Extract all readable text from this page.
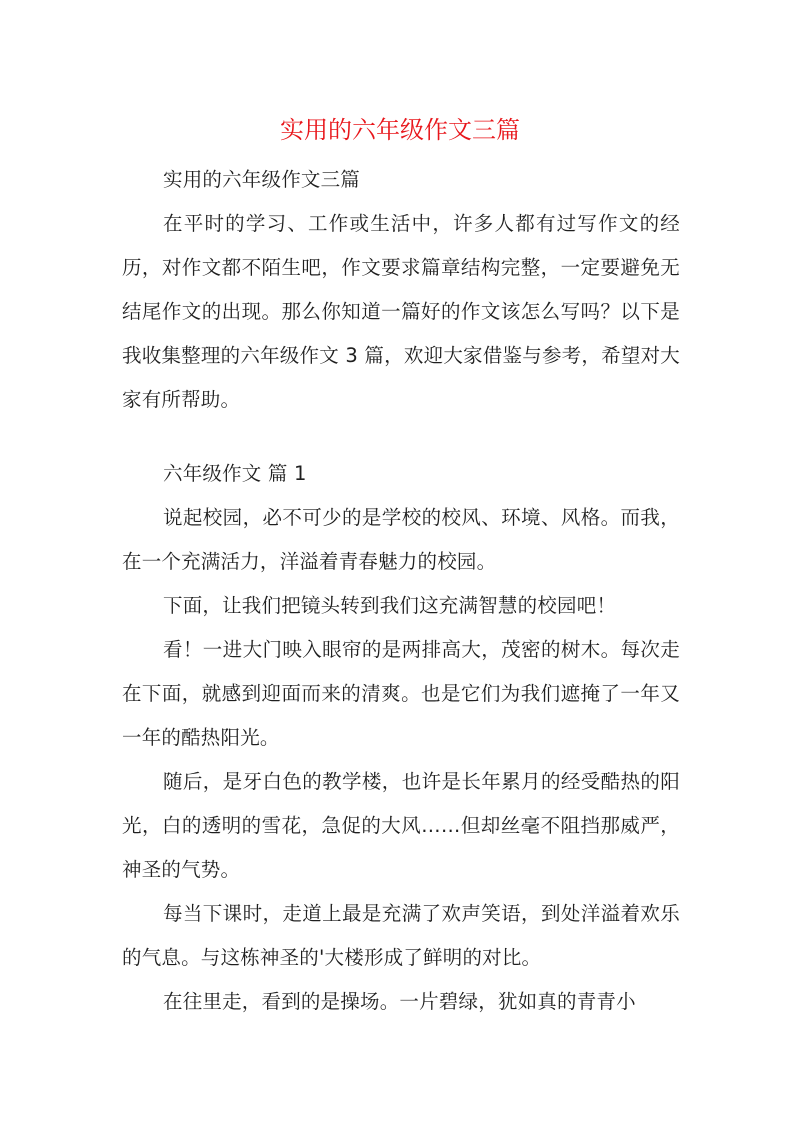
实用的六年级作文三篇

实用的六年级作文三篇

在平时的学习、工作或生活中，许多人都有过写作文的经历，对作文都不陌生吧，作文要求篇章结构完整，一定要避免无结尾作文的出现。那么你知道一篇好的作文该怎么写吗？以下是我收集整理的六年级作文 3 篇，欢迎大家借鉴与参考，希望对大家有所帮助。

六年级作文 篇 1

说起校园，必不可少的是学校的校风、环境、风格。而我，在一个充满活力，洋溢着青春魅力的校园。

下面，让我们把镜头转到我们这充满智慧的校园吧！

看！一进大门映入眼帘的是两排高大，茂密的树木。每次走在下面，就感到迎面而来的清爽。也是它们为我们遮掩了一年又一年的酷热阳光。

随后，是牙白色的教学楼，也许是长年累月的经受酷热的阳光，白的透明的雪花，急促的大风……但却丝毫不阻挡那威严，神圣的气势。

每当下课时，走道上最是充满了欢声笑语，到处洋溢着欢乐的气息。与这栋神圣的'大楼形成了鲜明的对比。

在往里走，看到的是操场。一片碧绿，犹如真的青青小
